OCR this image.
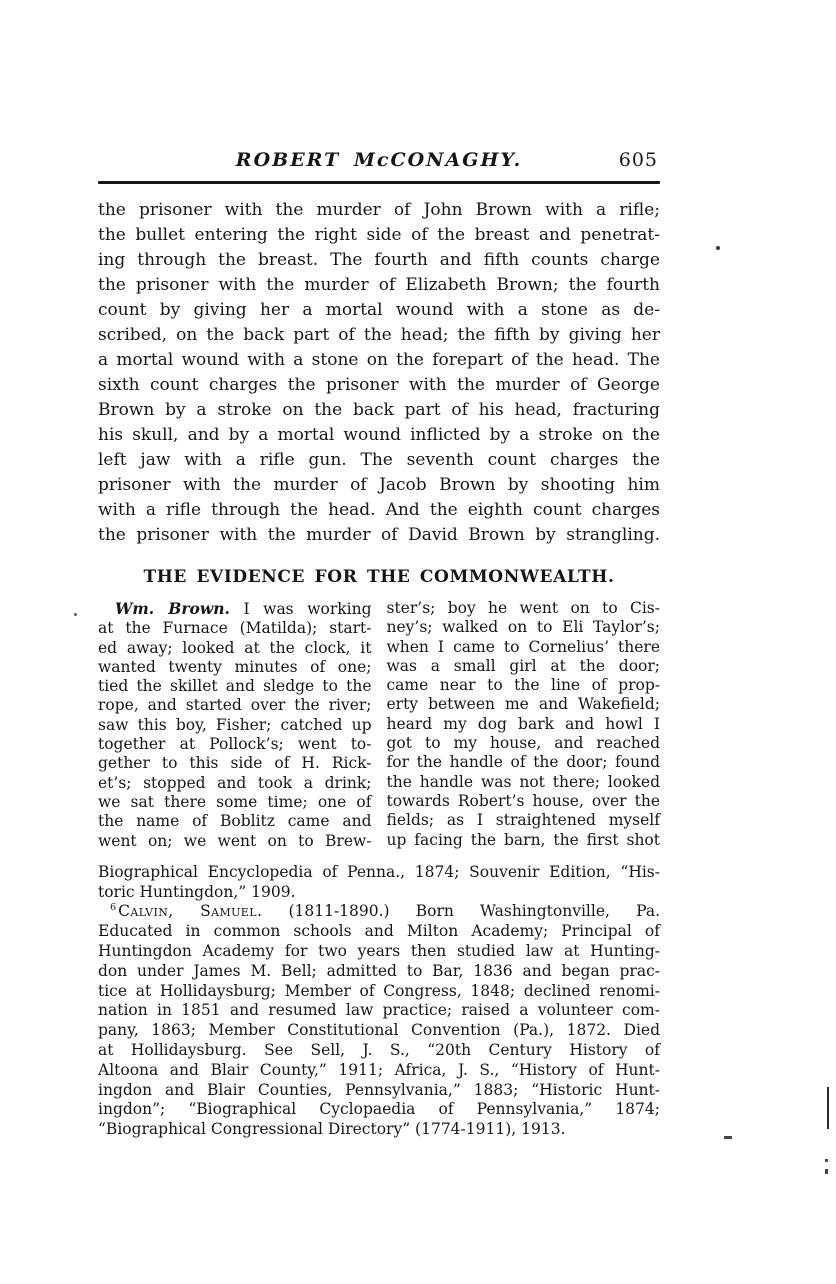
ROBERT McCONAGHY.	605
the prisoner with the murder of John Brown with a rifle;
the bullet entering the right side of the breast and penetrat-
ing through the breast. The fourth and fifth counts charge
the prisoner with the murder of Elizabeth Brown; the fourth
count by giving her a mortal wound with a stone as de-
scribed, on the back part of the head; the fifth by giving her
a mortal wound with a stone on the forepart of the head. The
sixth count charges the prisoner with the murder of George
Brown by a stroke on the back part of his head, fracturing
his skull, and by a mortal wound inflicted by a stroke on the
left jaw with a rifle gun. The seventh count charges the
prisoner with the murder of Jacob Brown by shooting him
with a rifle through the head. And the eighth count charges
the prisoner with the murder of David Brown by strangling.
THE EVIDENCE FOR THE COMMONWEALTH.
Wm. Brown. I was working
at the Furnace (Matilda); start-
ed away; looked at the clock, it
wanted twenty minutes of one;
tied the skillet and sledge to the
rope, and started over the river;
saw this boy, Fisher; catched up
together at Pollock’s; went to-
gether to this side of H. Rick-
et’s; stopped and took a drink;
we sat there some time; one of
the name of Boblitz came and
went on; we went on to Brew-
ster’s; boy he went on to Cis-
ney’s; walked on to Eli Taylor’s;
when I came to Cornelius’ there
was a small girl at the door;
came near to the line of prop-
erty between me and Wakefield;
heard my dog bark and howl I
got to my house, and reached
for the handle of the door; found
the handle was not there; looked
towards Robert’s house, over the
fields; as I straightened myself
up facing the barn, the first shot
Biographical Encyclopedia of Penna., 1874; Souvenir Edition, “His-
toric Huntingdon,” 1909.
$^6$ Calvin, Samuel. (1811-1890.) Born Washingtonville, Pa.
Educated in common schools and Milton Academy; Principal of
Huntingdon Academy for two years then studied law at Hunting-
don under James M. Bell; admitted to Bar, 1836 and began prac-
tice at Hollidaysburg; Member of Congress, 1848; declined renomi-
nation in 1851 and resumed law practice; raised a volunteer com-
pany, 1863; Member Constitutional Convention (Pa.), 1872. Died
at Hollidaysburg. See Sell, J. S., “20th Century History of
Altoona and Blair County,” 1911; Africa, J. S., “History of Hunt-
ingdon and Blair Counties, Pennsylvania,” 1883; “Historic Hunt-
ingdon”; “Biographical Cyclopaedia of Pennsylvania,” 1874;
“Biographical Congressional Directory” (1774-1911), 1913.
